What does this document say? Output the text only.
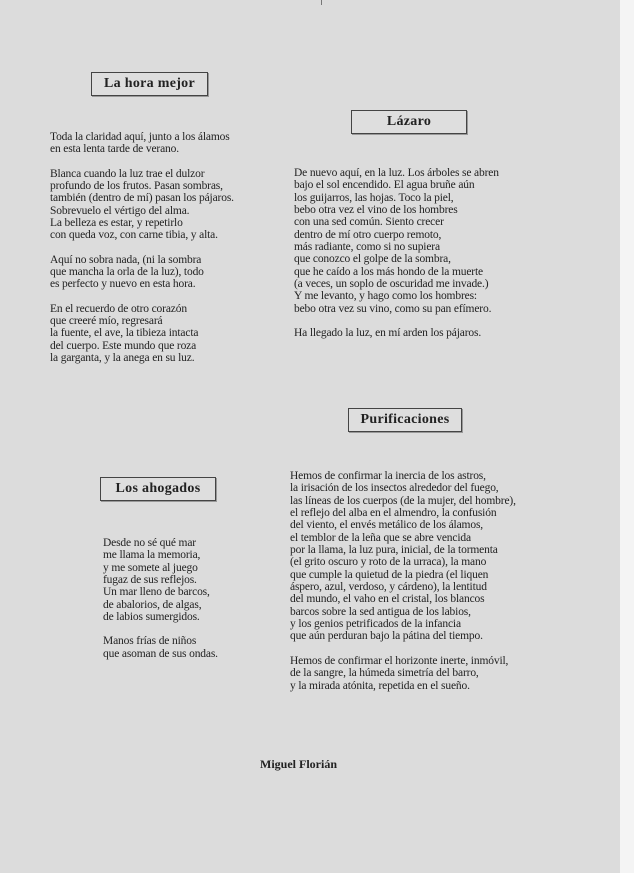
La hora mejor
Toda la claridad aquí, junto a los álamos
en esta lenta tarde de verano.
Blanca cuando la luz trae el dulzor
profundo de los frutos. Pasan sombras,
también (dentro de mí) pasan los pájaros.
Sobrevuelo el vértigo del alma.
La belleza es estar, y repetirlo
con queda voz, con carne tibia, y alta.
Aquí no sobra nada, (ni la sombra
que mancha la orla de la luz), todo
es perfecto y nuevo en esta hora.
En el recuerdo de otro corazón
que creeré mío, regresará
la fuente, el ave, la tibieza intacta
del cuerpo. Este mundo que roza
la garganta, y la anega en su luz.
Lázaro
De nuevo aquí, en la luz. Los árboles se abren
bajo el sol encendido. El agua bruñe aún
los guijarros, las hojas. Toco la piel,
bebo otra vez el vino de los hombres
con una sed común. Siento crecer
dentro de mí otro cuerpo remoto,
más radiante, como si no supiera
que conozco el golpe de la sombra,
que he caído a los más hondo de la muerte
(a veces, un soplo de oscuridad me invade.)
Y me levanto, y hago como los hombres:
bebo otra vez su vino, como su pan efímero.
Ha llegado la luz, en mí arden los pájaros.
Purificaciones
Hemos de confirmar la inercia de los astros,
la irisación de los insectos alrededor del fuego,
las líneas de los cuerpos (de la mujer, del hombre),
el reflejo del alba en el almendro, la confusión
del viento, el envés metálico de los álamos,
el temblor de la leña que se abre vencida
por la llama, la luz pura, inicial, de la tormenta
(el grito oscuro y roto de la urraca), la mano
que cumple la quietud de la piedra (el liquen
áspero, azul, verdoso, y cárdeno), la lentitud
del mundo, el vaho en el cristal, los blancos
barcos sobre la sed antigua de los labios,
y los genios petrificados de la infancia
que aún perduran bajo la pátina del tiempo.
Hemos de confirmar el horizonte inerte, inmóvil,
de la sangre, la húmeda simetría del barro,
y la mirada atónita, repetida en el sueño.
Los ahogados
Desde no sé qué mar
me llama la memoria,
y me somete al juego
fugaz de sus reflejos.
Un mar lleno de barcos,
de abalorios, de algas,
de labios sumergidos.
Manos frías de niños
que asoman de sus ondas.
Miguel Florián
